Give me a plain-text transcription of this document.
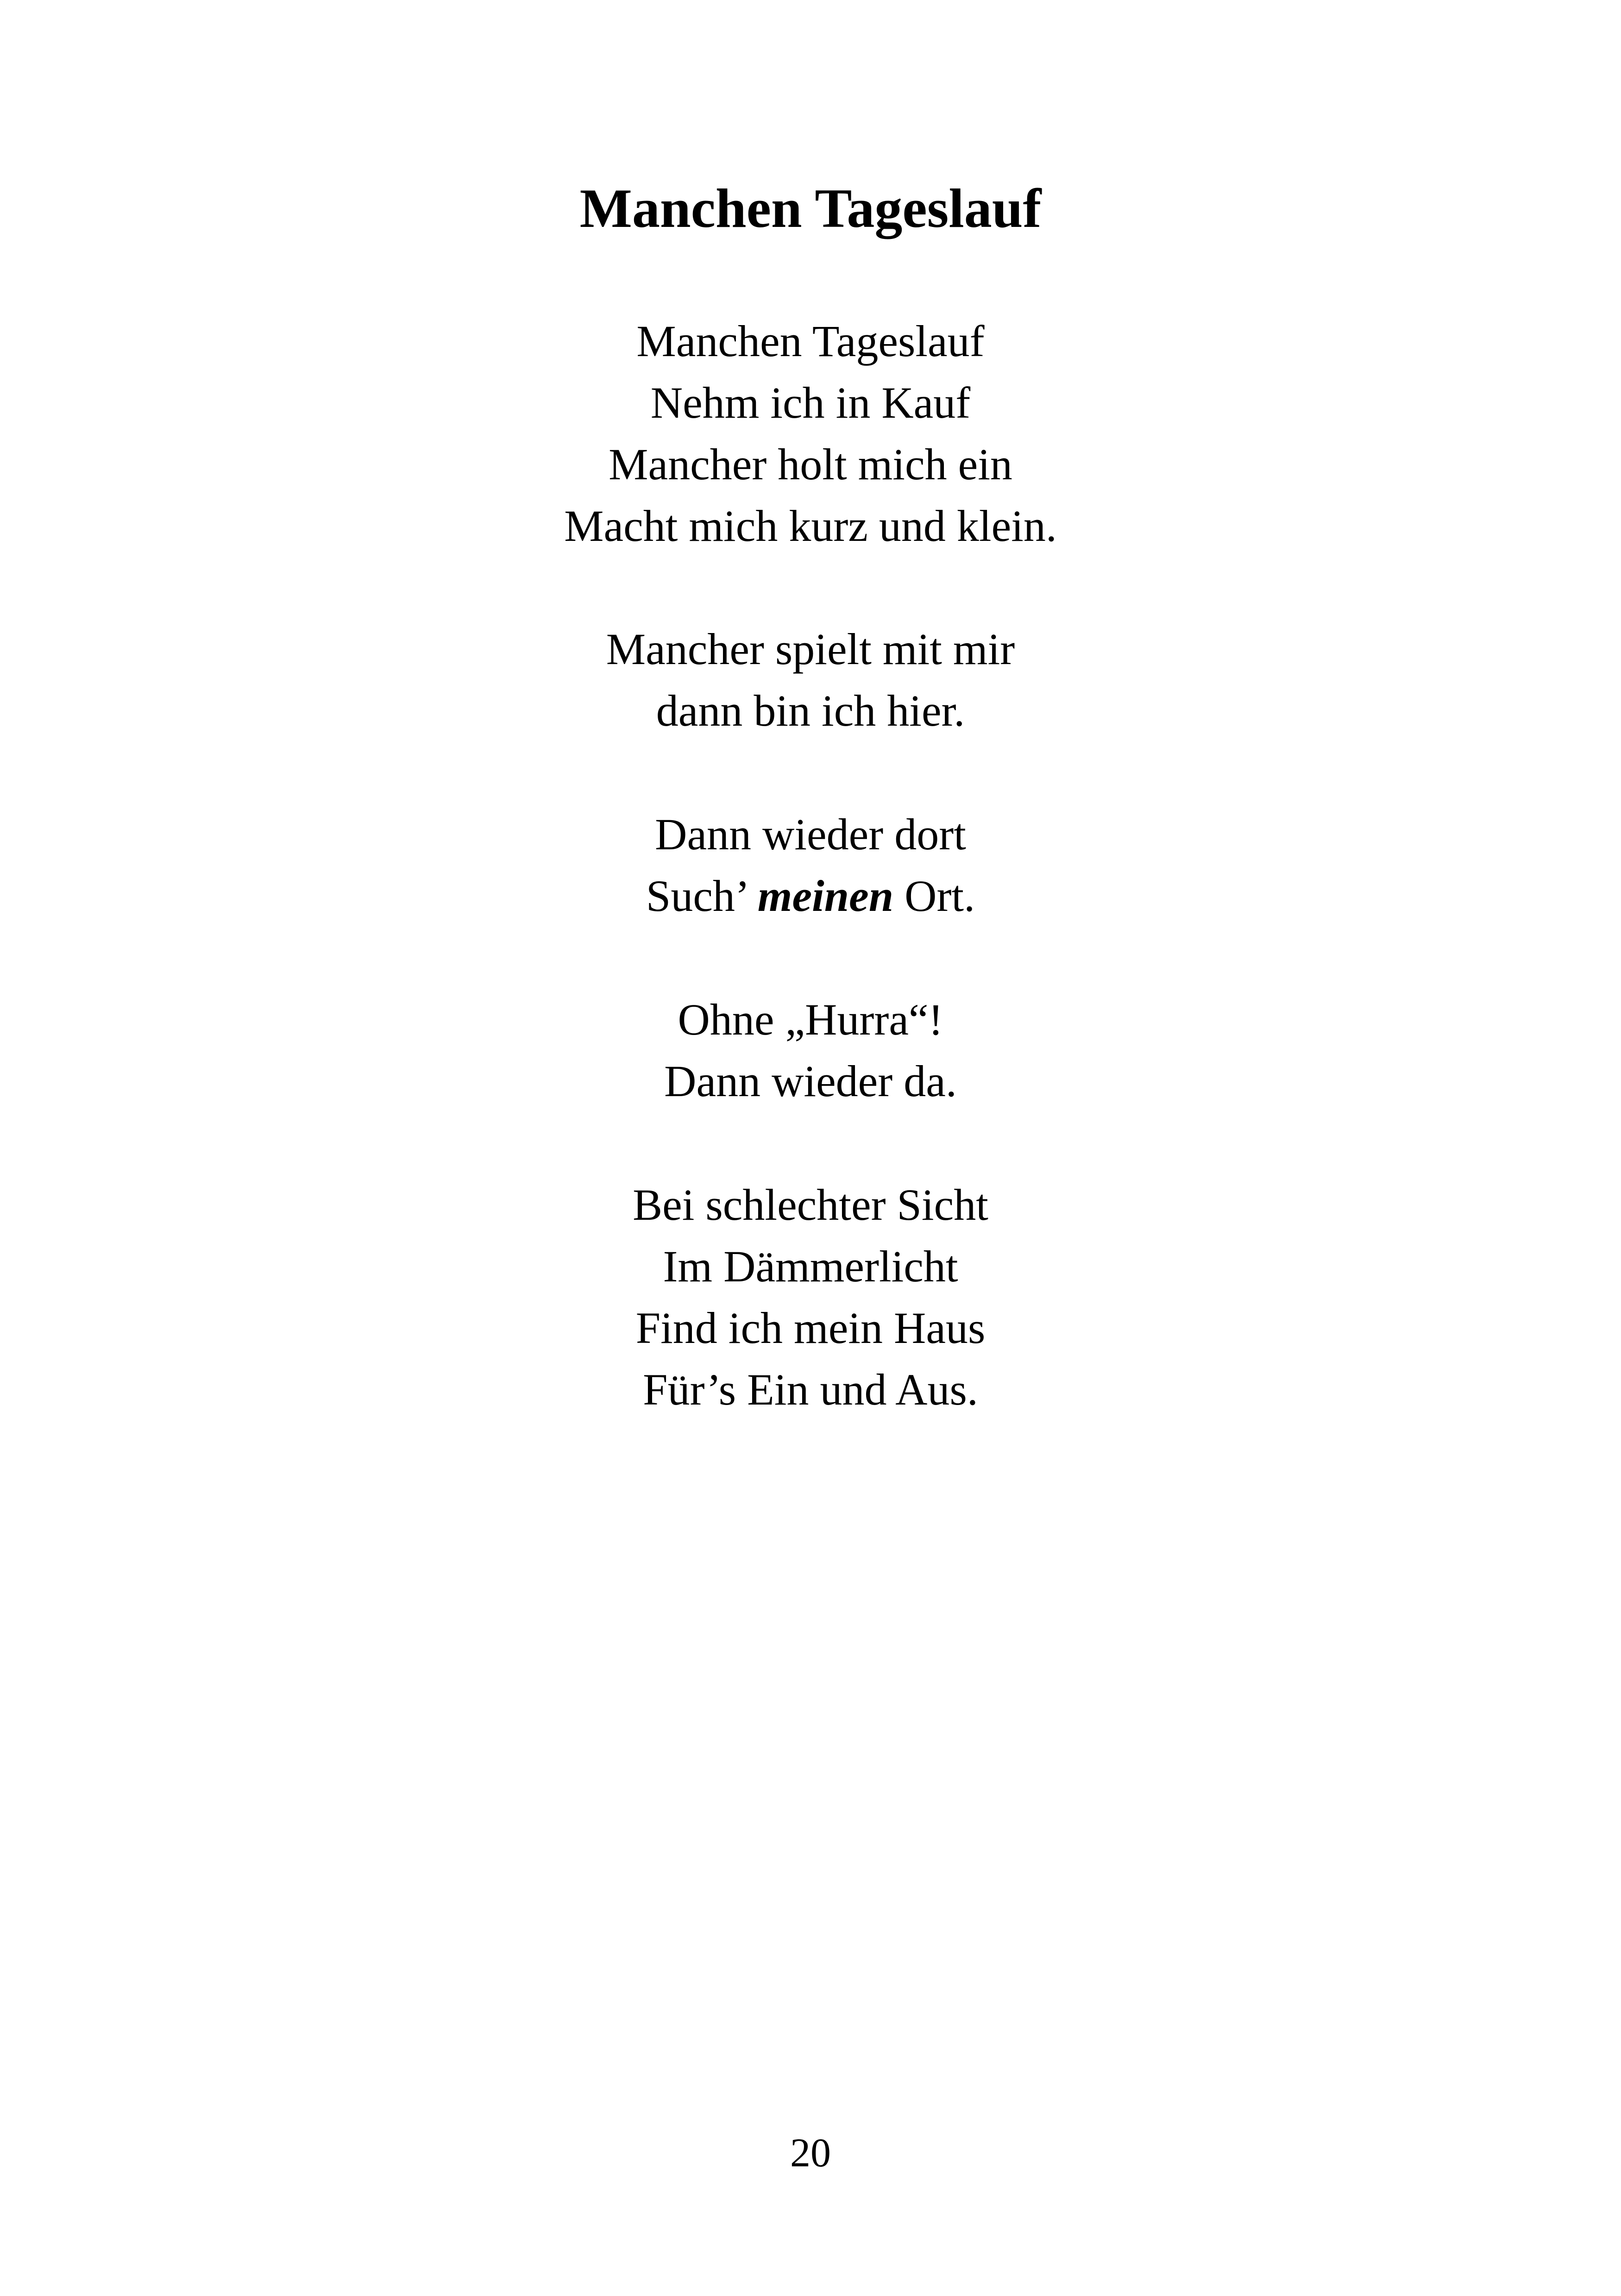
Manchen Tageslauf
Manchen Tageslauf
Nehm ich in Kauf
Mancher holt mich ein
Macht mich kurz und klein.
Mancher spielt mit mir
dann bin ich hier.
Dann wieder dort
Such’ meinen Ort.
Ohne „Hurra“!
Dann wieder da.
Bei schlechter Sicht
Im Dämmerlicht
Find ich mein Haus
Für’s Ein und Aus.
20
